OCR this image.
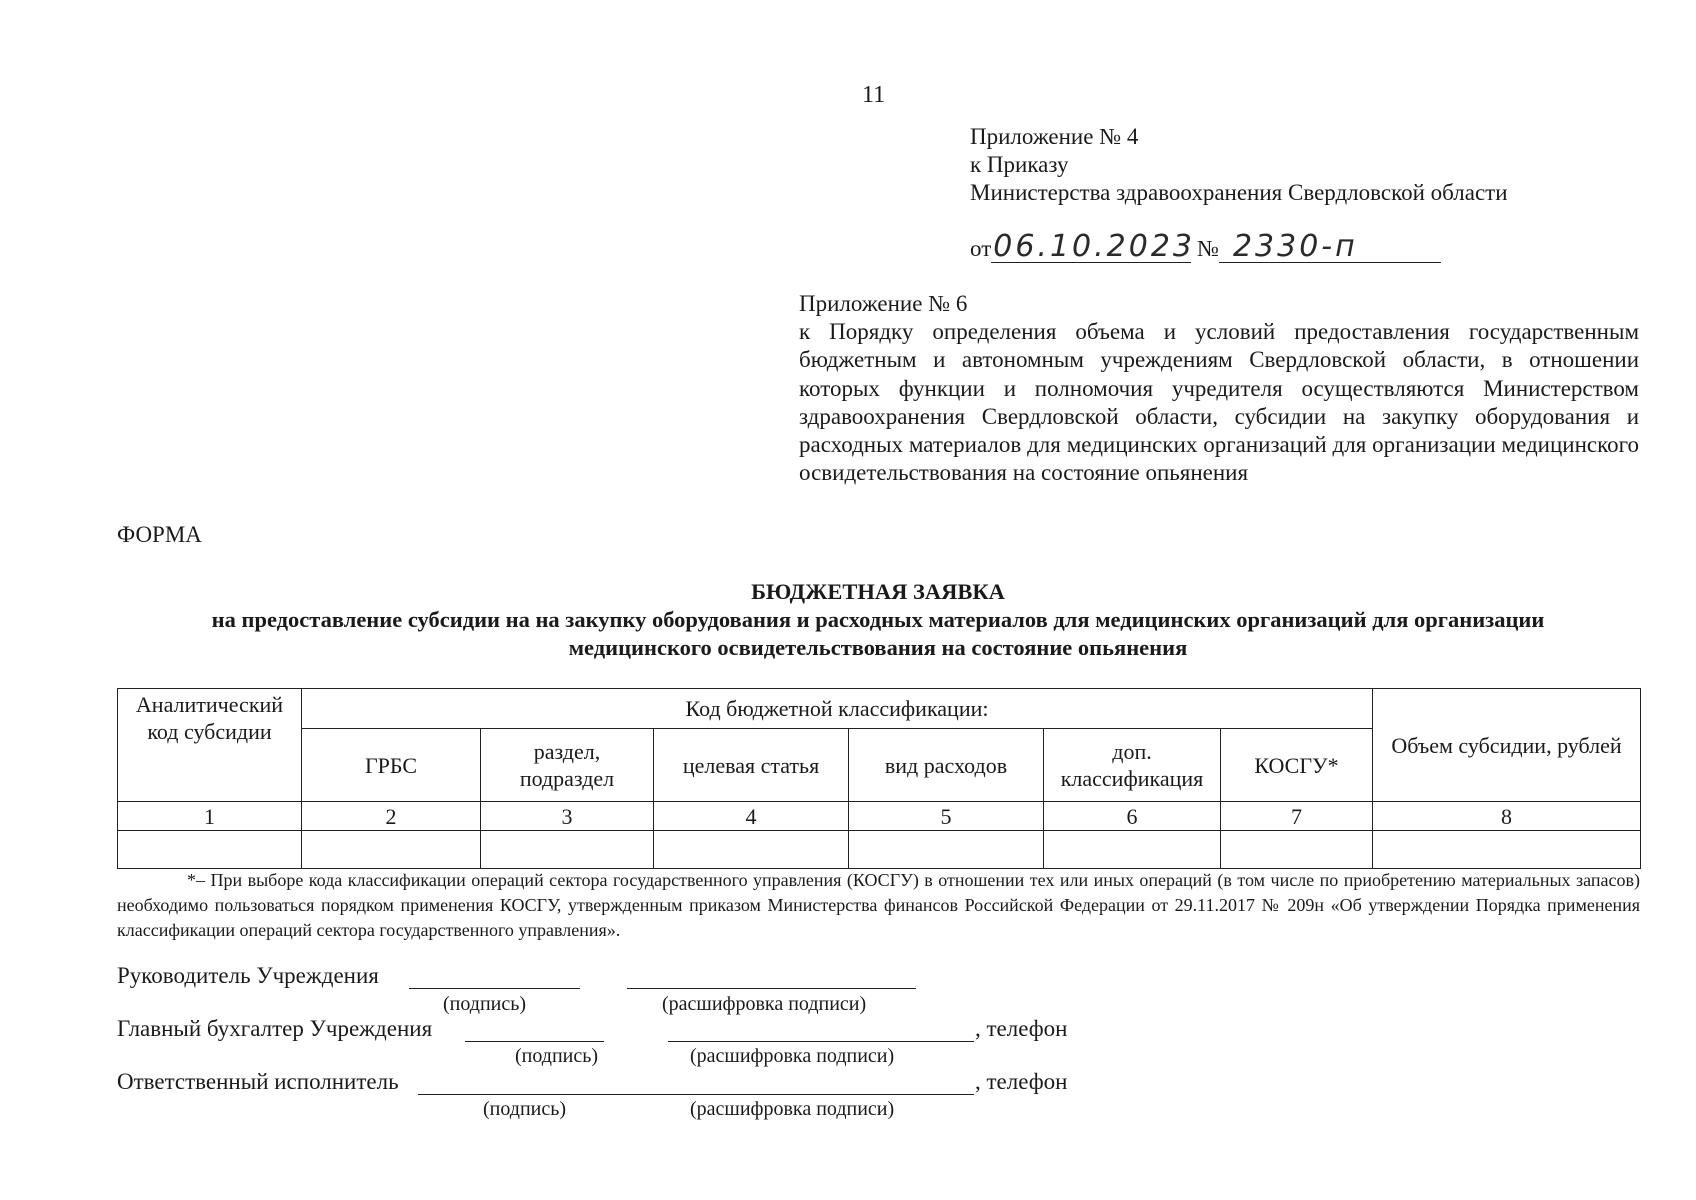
11
Приложение № 4
к Приказу
Министерства здравоохранения Свердловской области
от06.10.2023 № 2330-п
Приложение № 6
к Порядку определения объема и условий предоставления государственным бюджетным и автономным учреждениям Свердловской области, в отношении которых функции и полномочия учредителя осуществляются Министерством здравоохранения Свердловской области, субсидии на закупку оборудования и расходных материалов для медицинских организаций для организации медицинского освидетельствования на состояние опьянения
ФОРМА
БЮДЖЕТНАЯ ЗАЯВКА
на предоставление субсидии на на закупку оборудования и расходных материалов для медицинских организаций для организации
медицинского освидетельствования на состояние опьянения
Аналитический код субсидии	Код бюджетной классификации:						Объем субсидии, рублей
	ГРБС	раздел, подраздел	целевая статья	вид расходов	доп. классификация	КОСГУ*	
1	2	3	4	5	6	7	8

*– При выборе кода классификации операций сектора государственного управления (КОСГУ) в отношении тех или иных операций (в том числе по приобретению материальных запасов) необходимо пользоваться порядком применения КОСГУ, утвержденным приказом Министерства финансов Российской Федерации от 29.11.2017 № 209н «Об утверждении Порядка применения классификации операций сектора государственного управления».
Руководитель Учреждения
(подпись)	(расшифровка подписи)
Главный бухгалтер Учреждения	, телефон
(подпись)	(расшифровка подписи)
Ответственный исполнитель	, телефон
(подпись)	(расшифровка подписи)
